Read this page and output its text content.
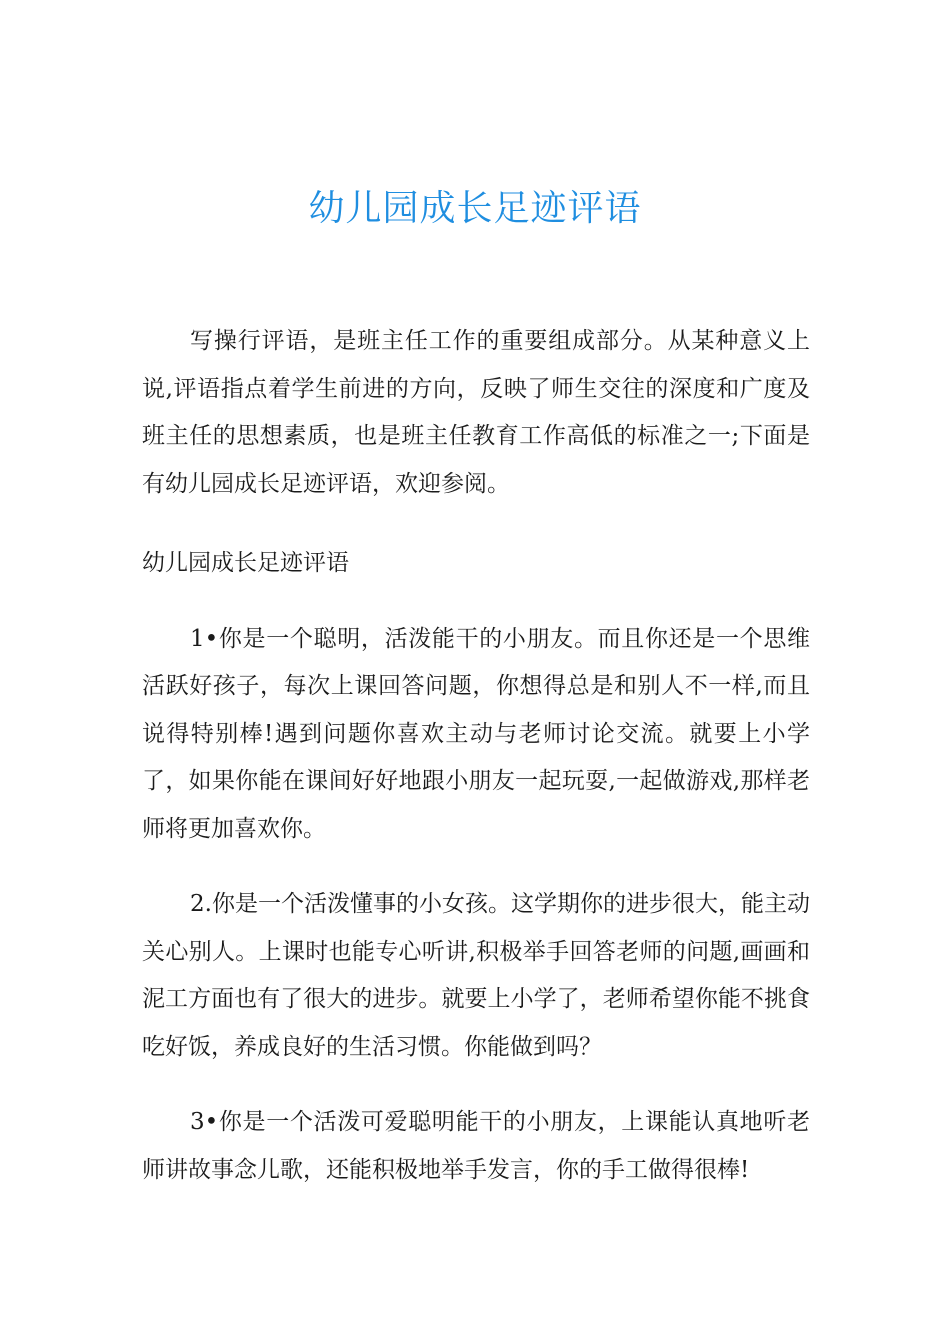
幼儿园成长足迹评语

写操行评语，是班主任工作的重要组成部分。从某种意义上说,评语指点着学生前进的方向，反映了师生交往的深度和广度及班主任的思想素质，也是班主任教育工作高低的标准之一;下面是有幼儿园成长足迹评语，欢迎参阅。

幼儿园成长足迹评语

1•你是一个聪明，活泼能干的小朋友。而且你还是一个思维活跃好孩子，每次上课回答问题，你想得总是和别人不一样,而且说得特别棒!遇到问题你喜欢主动与老师讨论交流。就要上小学了，如果你能在课间好好地跟小朋友一起玩耍,一起做游戏,那样老师将更加喜欢你。

2.你是一个活泼懂事的小女孩。这学期你的进步很大，能主动关心别人。上课时也能专心听讲,积极举手回答老师的问题,画画和泥工方面也有了很大的进步。就要上小学了，老师希望你能不挑食吃好饭，养成良好的生活习惯。你能做到吗？

3•你是一个活泼可爱聪明能干的小朋友，上课能认真地听老师讲故事念儿歌，还能积极地举手发言，你的手工做得很棒!
